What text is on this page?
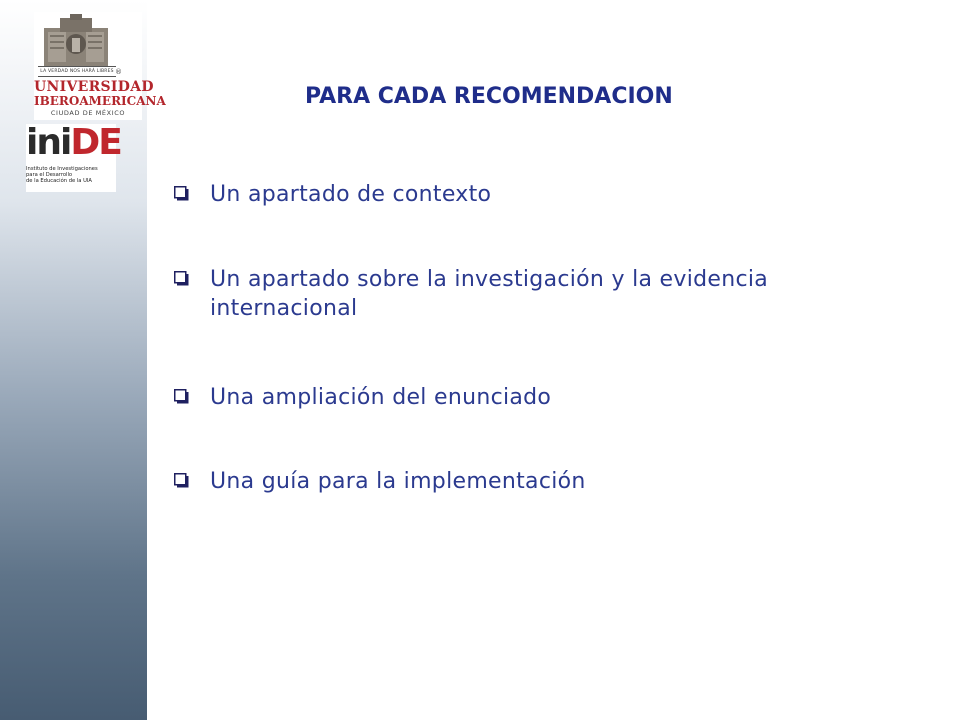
LA VERDAD NOS HARÁ LIBRES ®
UNIVERSIDAD
IBEROAMERICANA
CIUDAD DE MÉXICO
iniDE
Instituto de Investigaciones
para el Desarrollo
de la Educación de la UIA
PARA CADA RECOMENDACION
Un apartado de contexto
Un apartado sobre la investigación y la evidencia internacional
Una ampliación del enunciado
Una guía para la implementación
